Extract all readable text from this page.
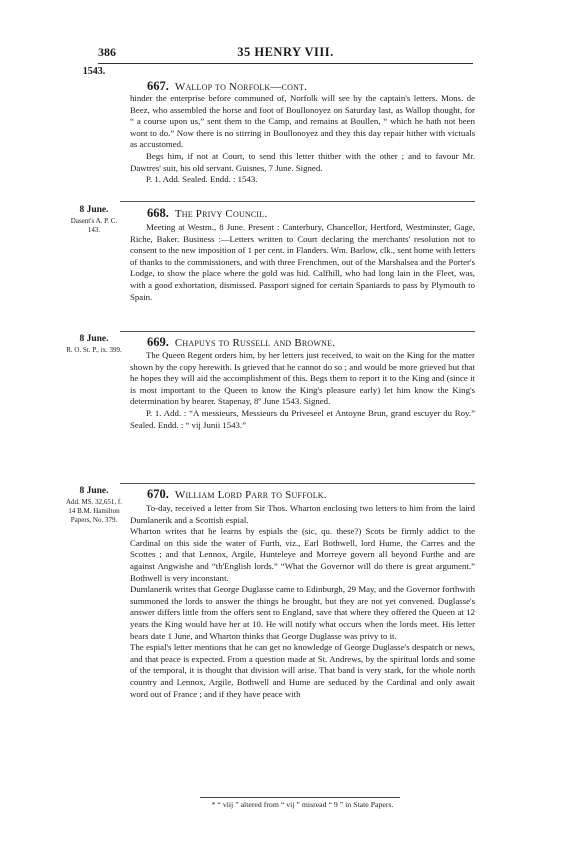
386	35 HENRY VIII.
1543.
667. Wallop to Norfolk—cont.

hinder the enterprise before communed of, Norfolk will see by the captain's letters. Mons. de Beez, who assembled the horse and foot of Boullonoyez on Saturday last, as Wallop thought, for “ a course upon us,” sent them to the Camp, and remains at Boullen, “ which he hath not been wont to do.” Now there is no stirring in Boullonoyez and they this day repair hither with victuals as accustomed.

Begs him, if not at Court, to send this letter thither with the other ; and to favour Mr. Dawtres' suit, his old servant. Guisnes, 7 June. Signed.

P. 1. Add. Sealed. Endd. : 1543.

8 June.
Dasent's A. P. C. 143.
668. The Privy Council.

Meeting at Westm., 8 June. Present : Canterbury, Chancellor, Hertford, Westminster, Gage, Riche, Baker. Business :—Letters written to Court declaring the merchants' resolution not to consent to the new imposition of 1 per cent. in Flanders. Wm. Barlow, clk., sent home with letters of thanks to the commissioners, and with three Frenchmen, out of the Marshalsea and the Porter's Lodge, to show the place where the gold was hid. Calfhill, who had long lain in the Fleet, was, with a good exhortation, dismissed. Passport signed for certain Spaniards to pass by Plymouth to Spain.

8 June.
R. O. St. P., ix. 399.
669. Chapuys to Russell and Browne.

The Queen Regent orders him, by her letters just received, to wait on the King for the matter shown by the copy herewith. Is grieved that he cannot do so ; and would be more grieved but that he hopes they will aid the accomplishment of this. Begs them to report it to the King and (since it is most important to the Queen to know the King's pleasure early) let him know the King's determination by bearer. Stapenay, 8º June 1543. Signed.

P. 1. Add. : “A messieurs, Messieurs du Priveseel et Antoyne Brun, grand escuyer du Roy.” Sealed. Endd. : “ vij Junii 1543.”

8 June.
Add. MS. 32,651, f. 14 B.M. Hamilton Papers, No. 379.
670. William Lord Parr to Suffolk.

To-day, received a letter from Sir Thos. Wharton enclosing two letters to him from the laird Dumlanerik and a Scottish espial.

Wharton writes that he learns by espials the (sic, qu. these?) Scots be firmly addict to the Cardinal on this side the water of Furth, viz., Earl Bothwell, lord Hume, the Carres and the Scottes ; and that Lennox, Argile, Hunteleye and Morreye govern all beyond Furthe and are against Angwishe and “th'English lords.” “What the Governor will do there is great argument.” Bothwell is very inconstant.

Dumlanerik writes that George Duglasse came to Edinburgh, 29 May, and the Governor forthwith summoned the lords to answer the things he brought, but they are not yet convened. Duglasse's answer differs little from the offers sent to England, save that where they offered the Queen at 12 years the King would have her at 10. He will notify what occurs when the lords meet. His letter bears date 1 June, and Wharton thinks that George Duglasse was privy to it.

The espial's letter mentions that he can get no knowledge of George Duglasse's despatch or news, and that peace is expected. From a question made at St. Andrews, by the spiritual lords and some of the temporal, it is thought that division will arise. That band is very stark, for the whole north country and Lennox, Argile, Bothwell and Hume are seduced by the Cardinal and only await word out of France ; and if they have peace with

* “ viij ” altered from “ vij ” misread “ 9 ” in State Papers.
